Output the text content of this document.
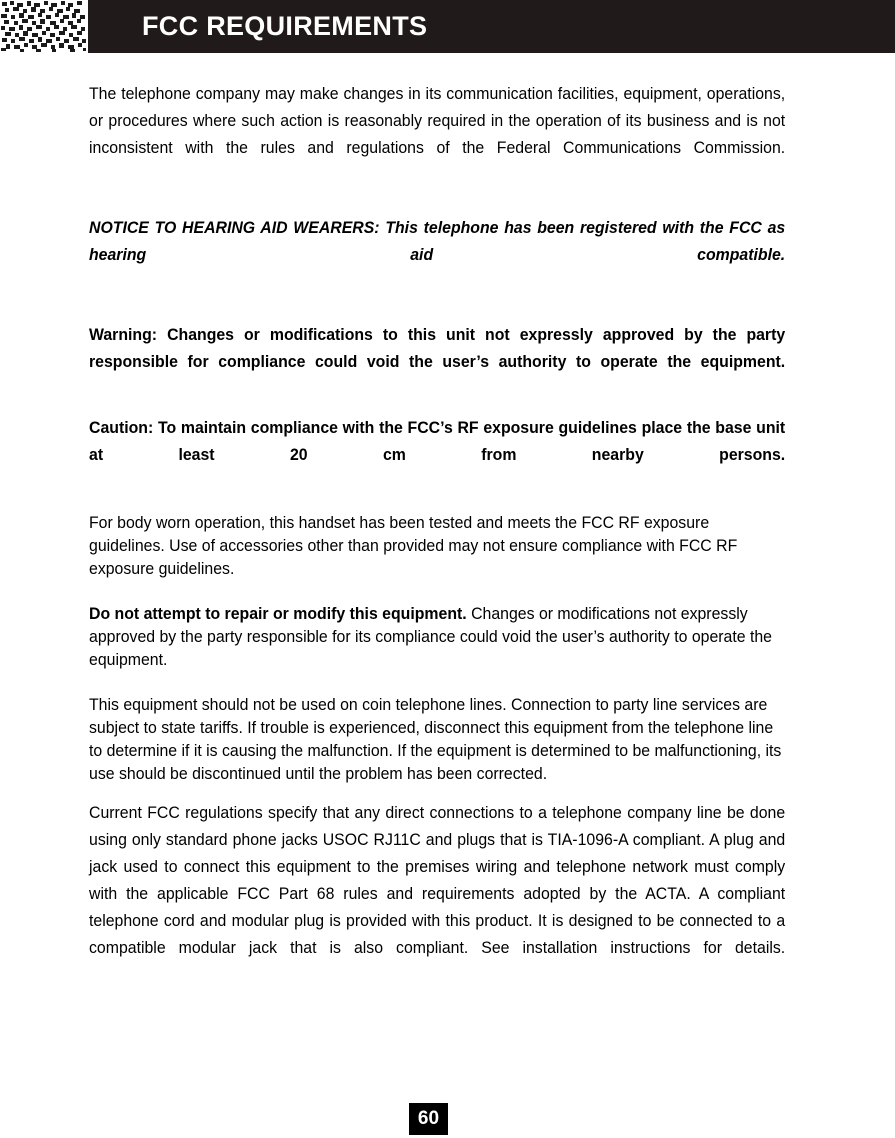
FCC REQUIREMENTS

The telephone company may make changes in its communication facilities, equipment, operations, or procedures where such action is reasonably required in the operation of its business and is not inconsistent with the rules and regulations of the Federal Communications Commission.

NOTICE TO HEARING AID WEARERS: This telephone has been registered with the FCC as hearing aid compatible.

Warning: Changes or modifications to this unit not expressly approved by the party responsible for compliance could void the user’s authority to operate the equipment.

Caution: To maintain compliance with the FCC’s RF exposure guidelines place the base unit at least 20 cm from nearby persons.

For body worn operation, this handset has been tested and meets the FCC RF exposure guidelines. Use of accessories other than provided may not ensure compliance with FCC RF exposure guidelines.

Do not attempt to repair or modify this equipment. Changes or modifications not expressly approved by the party responsible for its compliance could void the user’s authority to operate the equipment.

This equipment should not be used on coin telephone lines. Connection to party line services are subject to state tariffs. If trouble is experienced, disconnect this equipment from the telephone line to determine if it is causing the malfunction. If the equipment is determined to be malfunctioning, its use should be discontinued until the problem has been corrected.

Current FCC regulations specify that any direct connections to a telephone company line be done using only standard phone jacks USOC RJ11C and plugs that is TIA-1096-A compliant. A plug and jack used to connect this equipment to the premises wiring and telephone network must comply with the applicable FCC Part 68 rules and requirements adopted by the ACTA. A compliant telephone cord and modular plug is provided with this product. It is designed to be connected to a compatible modular jack that is also compliant. See installation instructions for details.

60
